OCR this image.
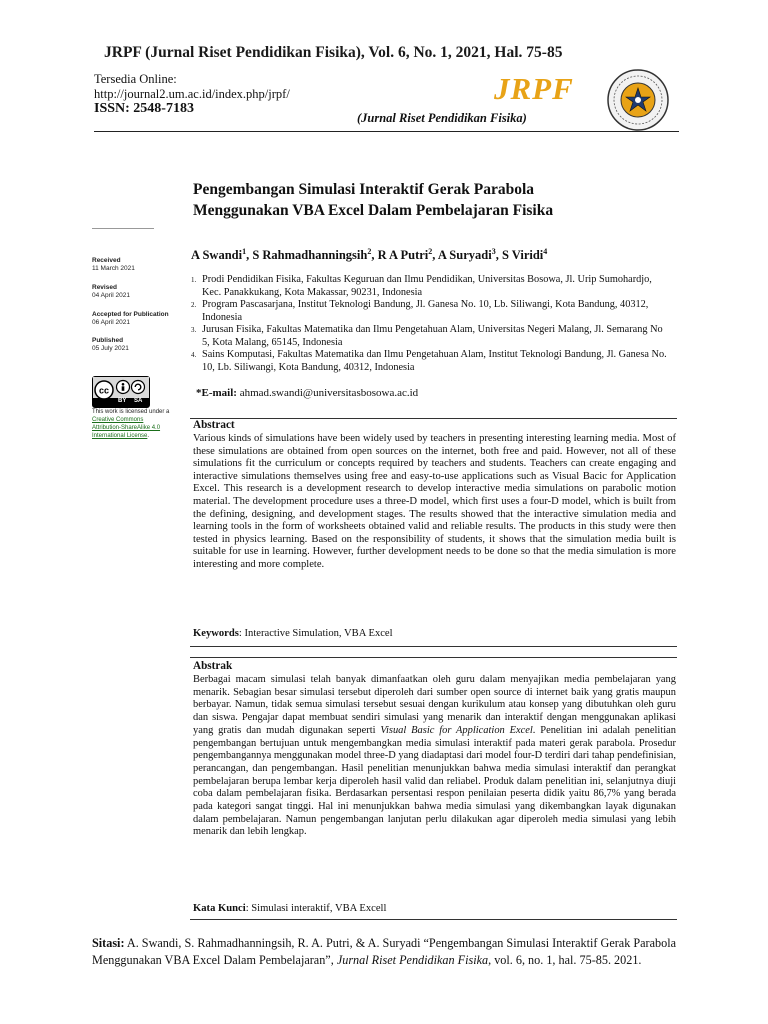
JRPF (Jurnal Riset Pendidikan Fisika), Vol. 6, No. 1, 2021, Hal. 75-85
Tersedia Online:
http://journal2.um.ac.id/index.php/jrpf/
ISSN: 2548-7183
JRPF
(Jurnal Riset Pendidikan Fisika)
Pengembangan Simulasi Interaktif Gerak Parabola
Menggunakan VBA Excel Dalam Pembelajaran Fisika
Received
11 March 2021
Revised
04 April 2021
Accepted for Publication
06 April 2021
Published
05 July 2021
cc
BY SA
This work is licensed under a Creative Commons Attribution-ShareAlike 4.0 International License.
A Swandi$^1$, S Rahmadhanningsih$^2$, R A Putri$^2$, A Suryadi$^3$, S Viridi$^4$
1. Prodi Pendidikan Fisika, Fakultas Keguruan dan Ilmu Pendidikan, Universitas Bosowa, Jl. Urip Sumohardjo, Kec. Panakkukang, Kota Makassar, 90231, Indonesia
2. Program Pascasarjana, Institut Teknologi Bandung, Jl. Ganesa No. 10, Lb. Siliwangi, Kota Bandung, 40312, Indonesia
3. Jurusan Fisika, Fakultas Matematika dan Ilmu Pengetahuan Alam, Universitas Negeri Malang, Jl. Semarang No 5, Kota Malang, 65145, Indonesia
4. Sains Komputasi, Fakultas Matematika dan Ilmu Pengetahuan Alam, Institut Teknologi Bandung, Jl. Ganesa No. 10, Lb. Siliwangi, Kota Bandung, 40312, Indonesia
*E-mail: ahmad.swandi@universitasbosowa.ac.id
Abstract
Various kinds of simulations have been widely used by teachers in presenting interesting learning media. Most of these simulations are obtained from open sources on the internet, both free and paid. However, not all of these simulations fit the curriculum or concepts required by teachers and students. Teachers can create engaging and interactive simulations themselves using free and easy-to-use applications such as Visual Bacic for Application Excel. This research is a development research to develop interactive media simulations on parabolic motion material. The development procedure uses a three-D model, which first uses a four-D model, which is built from the defining, designing, and development stages. The results showed that the interactive simulation media and learning tools in the form of worksheets obtained valid and reliable results. The products in this study were then tested in physics learning. Based on the responsibility of students, it shows that the simulation media built is suitable for use in learning. However, further development needs to be done so that the media simulation is more interesting and more complete.
Keywords: Interactive Simulation, VBA Excel
Abstrak
Berbagai macam simulasi telah banyak dimanfaatkan oleh guru dalam menyajikan media pembelajaran yang menarik. Sebagian besar simulasi tersebut diperoleh dari sumber open source di internet baik yang gratis maupun berbayar. Namun, tidak semua simulasi tersebut sesuai dengan kurikulum atau konsep yang dibutuhkan oleh guru dan siswa. Pengajar dapat membuat sendiri simulasi yang menarik dan interaktif dengan menggunakan aplikasi yang gratis dan mudah digunakan seperti Visual Basic for Application Excel. Penelitian ini adalah penelitian pengembangan bertujuan untuk mengembangkan media simulasi interaktif pada materi gerak parabola. Prosedur pengembangannya menggunakan model three-D yang diadaptasi dari model four-D terdiri dari tahap pendefinisian, perancangan, dan pengembangan. Hasil penelitian menunjukkan bahwa media simulasi interaktif dan perangkat pembelajaran berupa lembar kerja diperoleh hasil valid dan reliabel. Produk dalam penelitian ini, selanjutnya diuji coba dalam pembelajaran fisika. Berdasarkan persentasi respon penilaian peserta didik yaitu 86,7% yang berada pada kategori sangat tinggi. Hal ini menunjukkan bahwa media simulasi yang dikembangkan layak digunakan dalam pembelajaran. Namun pengembangan lanjutan perlu dilakukan agar diperoleh media simulasi yang lebih menarik dan lebih lengkap.
Kata Kunci: Simulasi interaktif, VBA Excell
Sitasi: A. Swandi, S. Rahmadhanningsih, R. A. Putri, & A. Suryadi “Pengembangan Simulasi Interaktif Gerak Parabola Menggunakan VBA Excel Dalam Pembelajaran”, Jurnal Riset Pendidikan Fisika, vol. 6, no. 1, hal. 75-85. 2021.
